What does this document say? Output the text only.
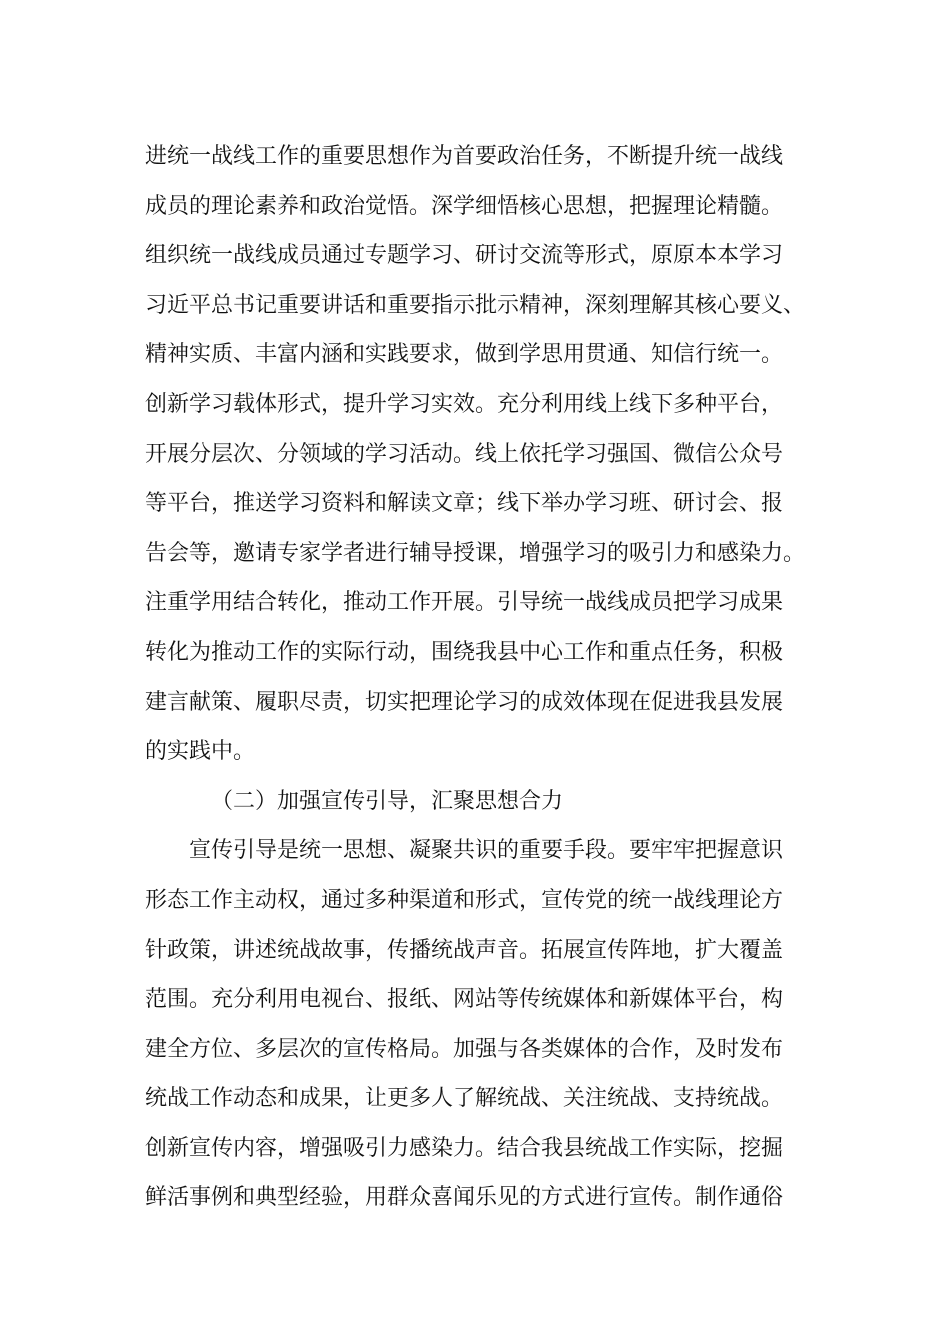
进统一战线工作的重要思想作为首要政治任务，不断提升统一战线
成员的理论素养和政治觉悟。深学细悟核心思想，把握理论精髓。
组织统一战线成员通过专题学习、研讨交流等形式，原原本本学习
习近平总书记重要讲话和重要指示批示精神，深刻理解其核心要义、
精神实质、丰富内涵和实践要求，做到学思用贯通、知信行统一。
创新学习载体形式，提升学习实效。充分利用线上线下多种平台，
开展分层次、分领域的学习活动。线上依托学习强国、微信公众号
等平台，推送学习资料和解读文章；线下举办学习班、研讨会、报
告会等，邀请专家学者进行辅导授课，增强学习的吸引力和感染力。
注重学用结合转化，推动工作开展。引导统一战线成员把学习成果
转化为推动工作的实际行动，围绕我县中心工作和重点任务，积极
建言献策、履职尽责，切实把理论学习的成效体现在促进我县发展
的实践中。
（二）加强宣传引导，汇聚思想合力
宣传引导是统一思想、凝聚共识的重要手段。要牢牢把握意识
形态工作主动权，通过多种渠道和形式，宣传党的统一战线理论方
针政策，讲述统战故事，传播统战声音。拓展宣传阵地，扩大覆盖
范围。充分利用电视台、报纸、网站等传统媒体和新媒体平台，构
建全方位、多层次的宣传格局。加强与各类媒体的合作，及时发布
统战工作动态和成果，让更多人了解统战、关注统战、支持统战。
创新宣传内容，增强吸引力感染力。结合我县统战工作实际，挖掘
鲜活事例和典型经验，用群众喜闻乐见的方式进行宣传。制作通俗
